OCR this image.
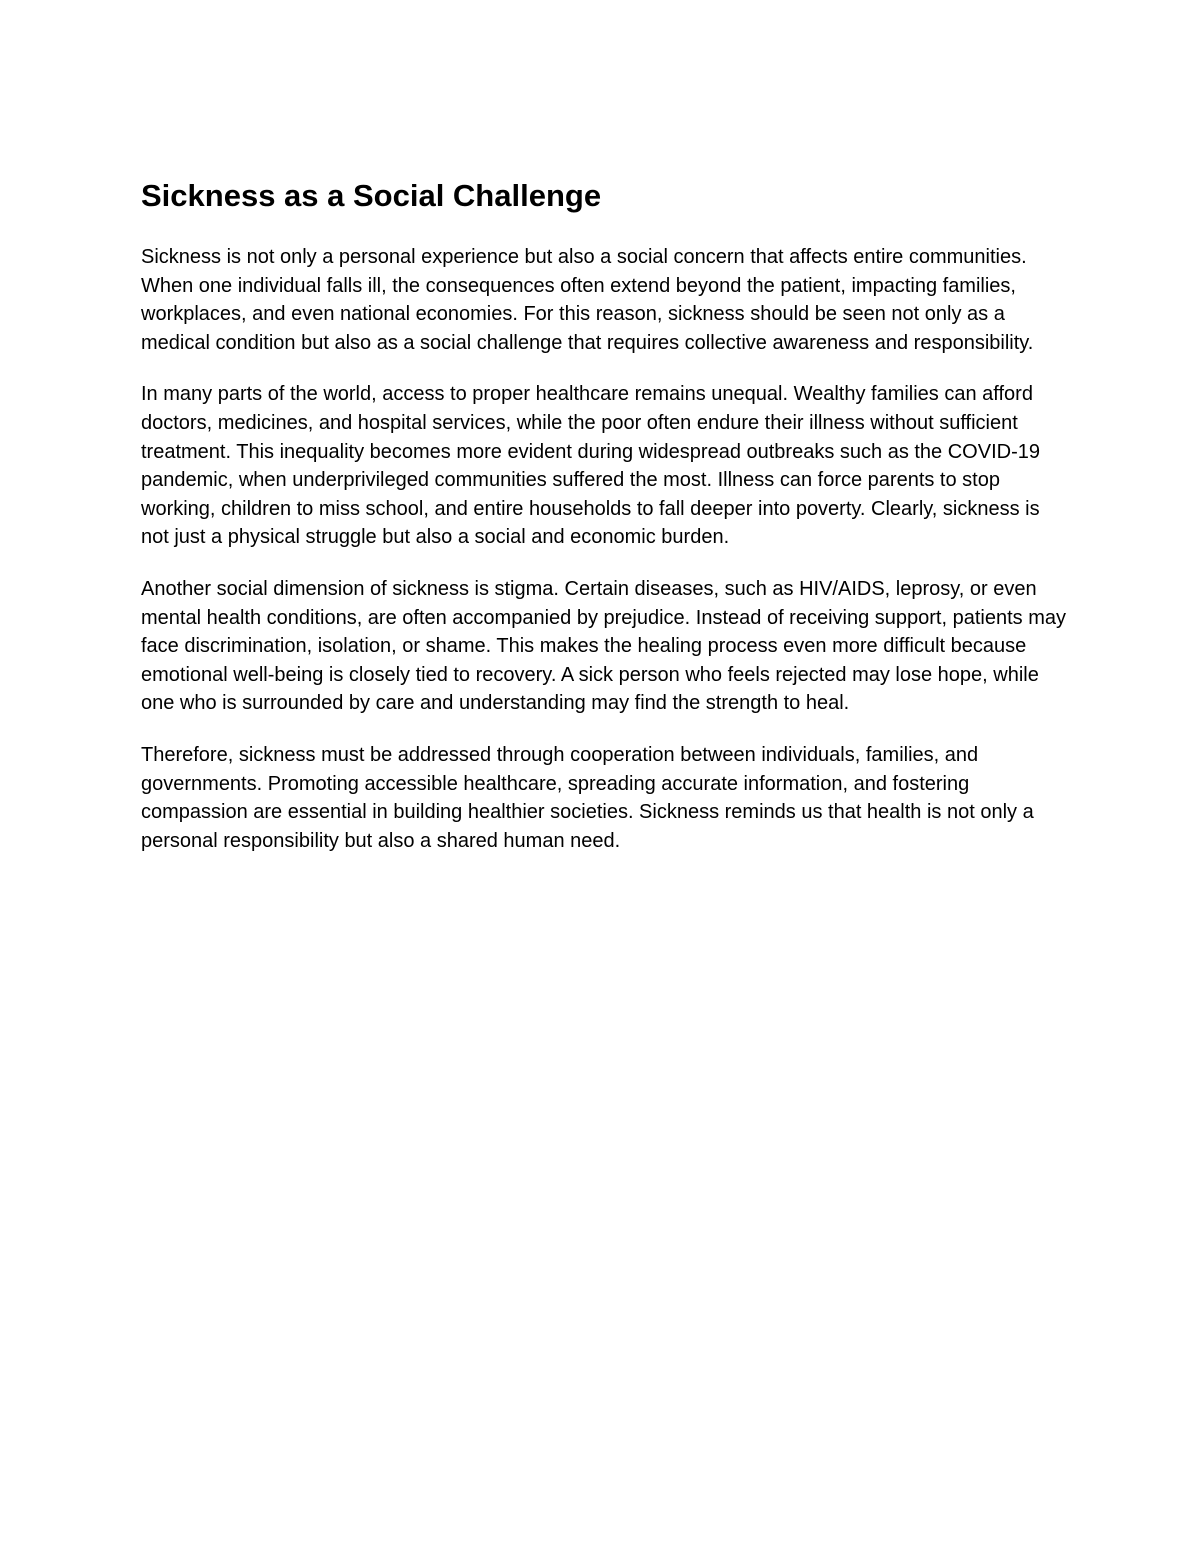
Sickness as a Social Challenge

Sickness is not only a personal experience but also a social concern that affects entire communities. When one individual falls ill, the consequences often extend beyond the patient, impacting families, workplaces, and even national economies. For this reason, sickness should be seen not only as a medical condition but also as a social challenge that requires collective awareness and responsibility.

In many parts of the world, access to proper healthcare remains unequal. Wealthy families can afford doctors, medicines, and hospital services, while the poor often endure their illness without sufficient treatment. This inequality becomes more evident during widespread outbreaks such as the COVID-19 pandemic, when underprivileged communities suffered the most. Illness can force parents to stop working, children to miss school, and entire households to fall deeper into poverty. Clearly, sickness is not just a physical struggle but also a social and economic burden.

Another social dimension of sickness is stigma. Certain diseases, such as HIV/AIDS, leprosy, or even mental health conditions, are often accompanied by prejudice. Instead of receiving support, patients may face discrimination, isolation, or shame. This makes the healing process even more difficult because emotional well-being is closely tied to recovery. A sick person who feels rejected may lose hope, while one who is surrounded by care and understanding may find the strength to heal.

Therefore, sickness must be addressed through cooperation between individuals, families, and governments. Promoting accessible healthcare, spreading accurate information, and fostering compassion are essential in building healthier societies. Sickness reminds us that health is not only a personal responsibility but also a shared human need.
